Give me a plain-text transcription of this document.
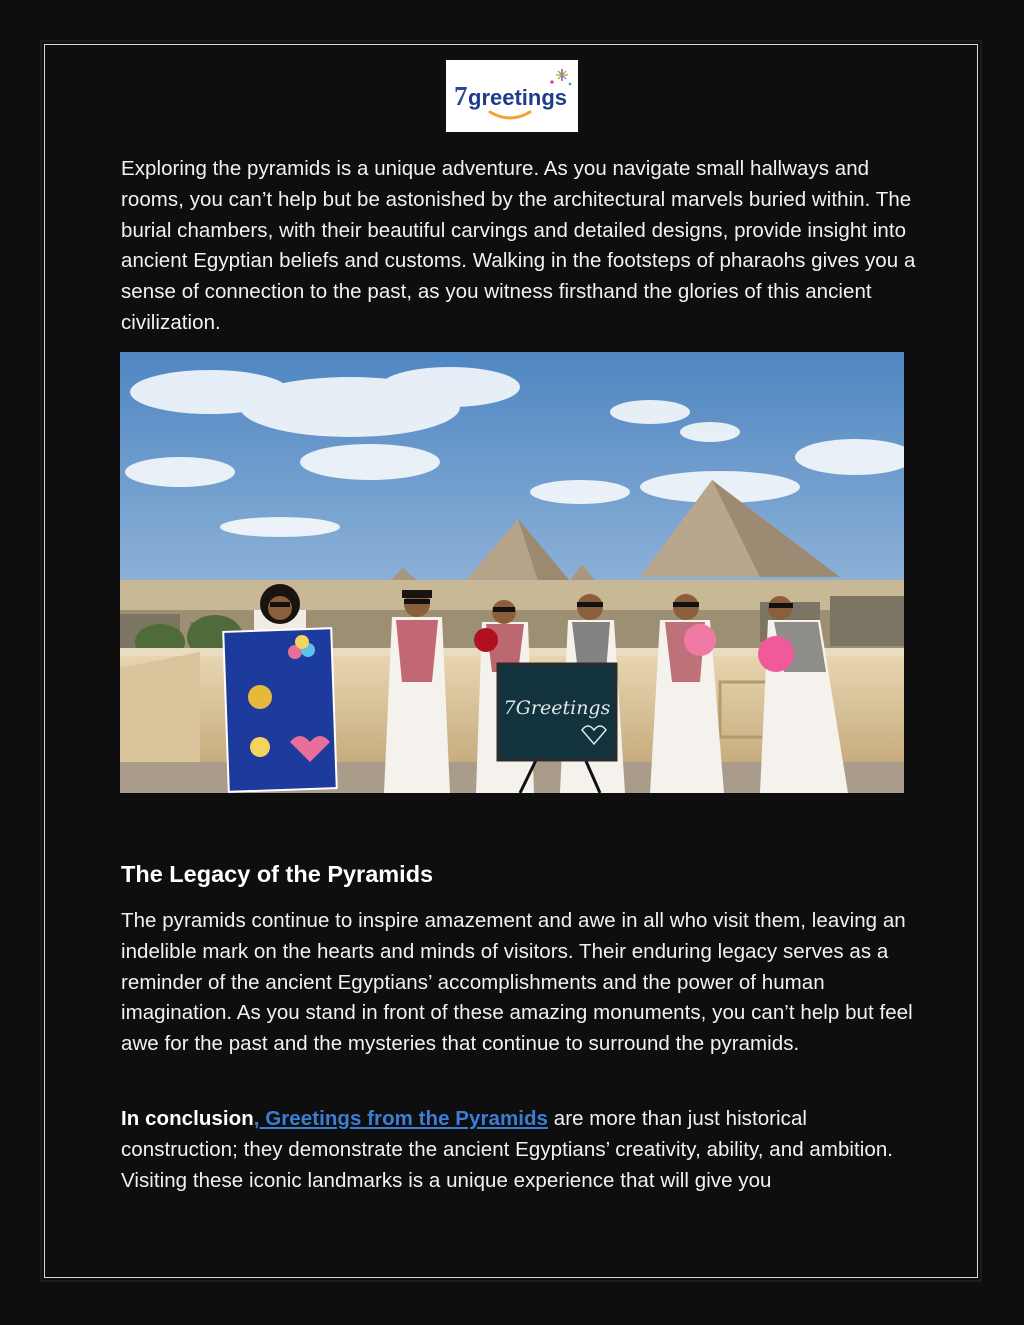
7 greetings

Exploring the pyramids is a unique adventure. As you navigate small hallways and rooms, you can’t help but be astonished by the architectural marvels buried within. The burial chambers, with their beautiful carvings and detailed designs, provide insight into ancient Egyptian beliefs and customs. Walking in the footsteps of pharaohs gives you a sense of connection to the past, as you witness firsthand the glories of this ancient civilization.

7Greetings
The Legacy of the Pyramids

The pyramids continue to inspire amazement and awe in all who visit them, leaving an indelible mark on the hearts and minds of visitors. Their enduring legacy serves as a reminder of the ancient Egyptians’ accomplishments and the power of human imagination. As you stand in front of these amazing monuments, you can’t help but feel awe for the past and the mysteries that continue to surround the pyramids.

In conclusion, Greetings from the Pyramids are more than just historical construction; they demonstrate the ancient Egyptians’ creativity, ability, and ambition. Visiting these iconic landmarks is a unique experience that will give you
